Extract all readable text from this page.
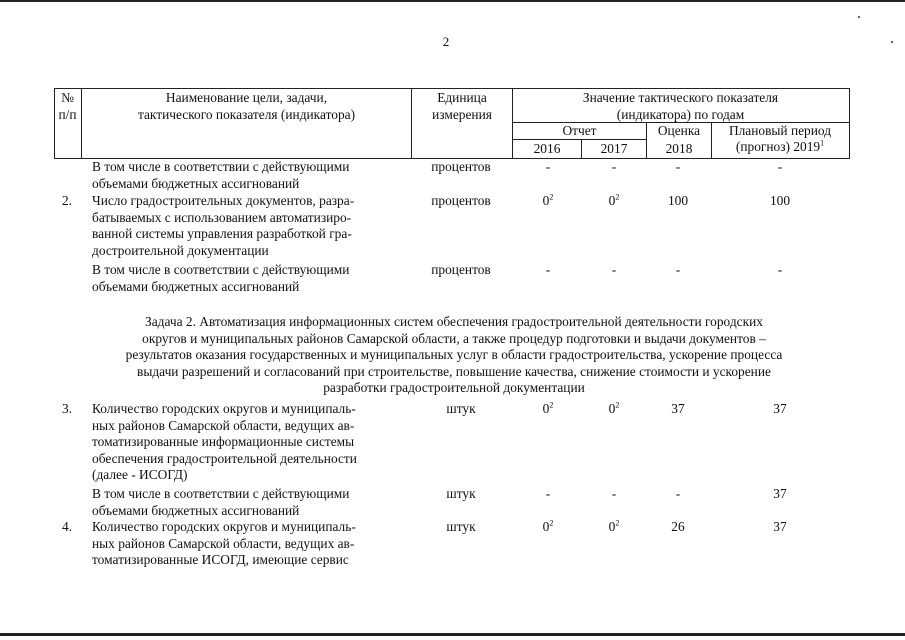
2
№
п/п
Наименование цели, задачи,
тактического показателя (индикатора)
Единица
измерения
Значение тактического показателя
(индикатора) по годам
Отчет	Оценка	Плановый период
2016	2017	2018	(прогноз) 2019$^1$
В том числе в соответствии с действующими
объемами бюджетных ассигнований
процентов	-	-	-	-
2.	Число градостроительных документов, разра-
батываемых с использованием автоматизиро-
ванной системы управления разработкой гра-
достроительной документации
процентов	$0^2$	$0^2$	100	100
В том числе в соответствии с действующими
объемами бюджетных ассигнований
процентов	-	-	-	-
Задача 2. Автоматизация информационных систем обеспечения градостроительной деятельности городских
округов и муниципальных районов Самарской области, а также процедур подготовки и выдачи документов –
результатов оказания государственных и муниципальных услуг в области градостроительства, ускорение процесса
выдачи разрешений и согласований при строительстве, повышение качества, снижение стоимости и ускорение
разработки градостроительной документации
3.	Количество городских округов и муниципаль-
ных районов Самарской области, ведущих ав-
томатизированные информационные системы
обеспечения градостроительной деятельности
(далее - ИСОГД)
штук	$0^2$	$0^2$	37	37
В том числе в соответствии с действующими
объемами бюджетных ассигнований
штук	-	-	-	37
4.	Количество городских округов и муниципаль-
ных районов Самарской области, ведущих ав-
томатизированные ИСОГД, имеющие сервис
штук	$0^2$	$0^2$	26	37
